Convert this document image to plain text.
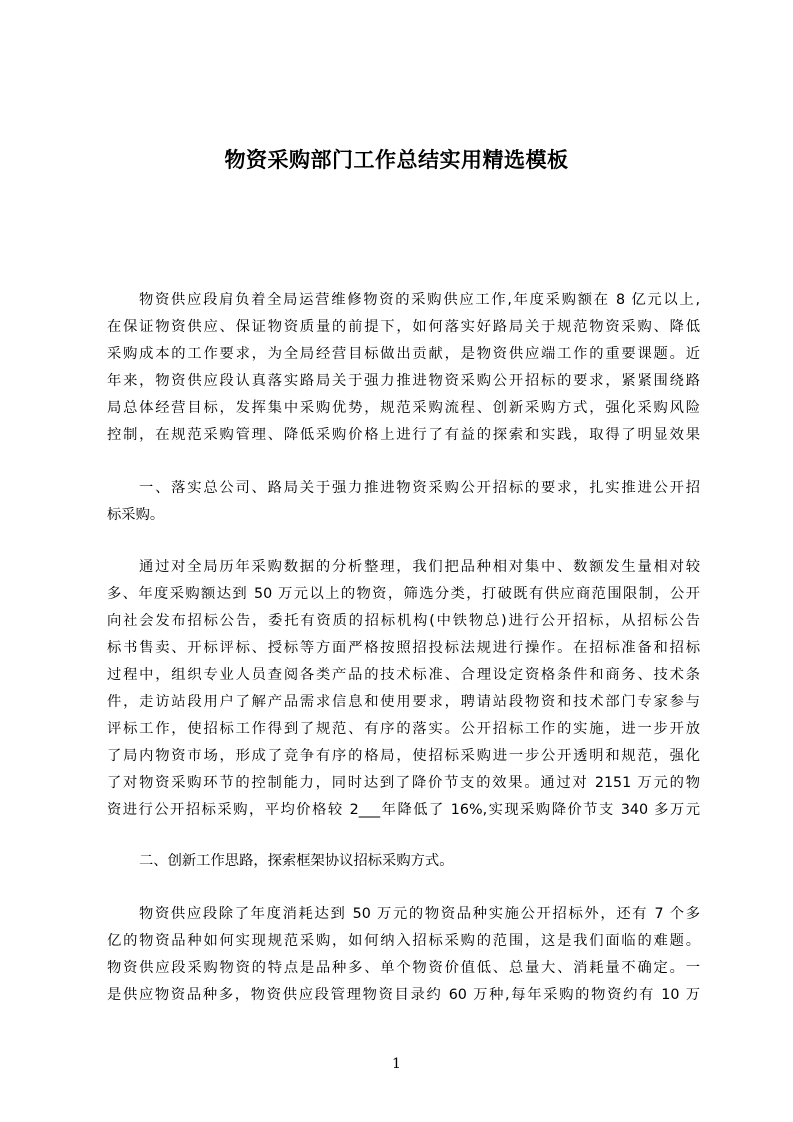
物资采购部门工作总结实用精选模板
物资供应段肩负着全局运营维修物资的采购供应工作,年度采购额在 8 亿元以上,
在保证物资供应、保证物资质量的前提下，如何落实好路局关于规范物资采购、降低
采购成本的工作要求，为全局经营目标做出贡献，是物资供应端工作的重要课题。近
年来，物资供应段认真落实路局关于强力推进物资采购公开招标的要求，紧紧围绕路
局总体经营目标，发挥集中采购优势，规范采购流程、创新采购方式，强化采购风险
控制，在规范采购管理、降低采购价格上进行了有益的探索和实践，取得了明显效果
一、落实总公司、路局关于强力推进物资采购公开招标的要求，扎实推进公开招
标采购。
通过对全局历年采购数据的分析整理，我们把品种相对集中、数额发生量相对较
多、年度采购额达到 50 万元以上的物资，筛选分类，打破既有供应商范围限制，公开
向社会发布招标公告，委托有资质的招标机构(中铁物总)进行公开招标，从招标公告
标书售卖、开标评标、授标等方面严格按照招投标法规进行操作。在招标准备和招标
过程中，组织专业人员查阅各类产品的技术标准、合理设定资格条件和商务、技术条
件，走访站段用户了解产品需求信息和使用要求，聘请站段物资和技术部门专家参与
评标工作，使招标工作得到了规范、有序的落实。公开招标工作的实施，进一步开放
了局内物资市场，形成了竞争有序的格局，使招标采购进一步公开透明和规范，强化
了对物资采购环节的控制能力，同时达到了降价节支的效果。通过对 2151 万元的物
资进行公开招标采购，平均价格较 2___年降低了 16%,实现采购降价节支 340 多万元
二、创新工作思路，探索框架协议招标采购方式。
物资供应段除了年度消耗达到 50 万元的物资品种实施公开招标外，还有 7 个多
亿的物资品种如何实现规范采购，如何纳入招标采购的范围，这是我们面临的难题。
物资供应段采购物资的特点是品种多、单个物资价值低、总量大、消耗量不确定。一
是供应物资品种多，物资供应段管理物资目录约 60 万种,每年采购的物资约有 10 万
1
